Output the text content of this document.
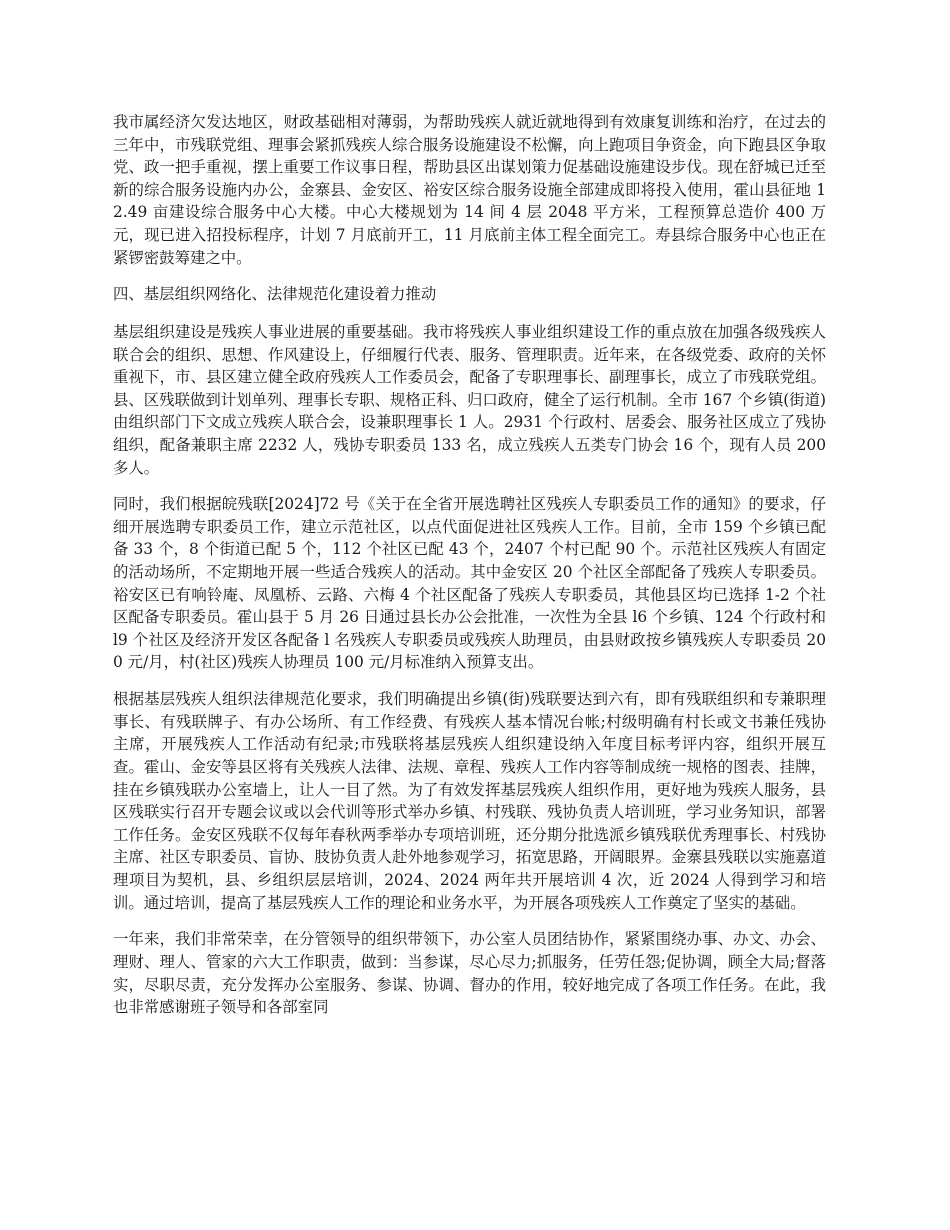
我市属经济欠发达地区，财政基础相对薄弱，为帮助残疾人就近就地得到有效康复训练和治疗，在过去的三年中，市残联党组、理事会紧抓残疾人综合服务设施建设不松懈，向上跑项目争资金，向下跑县区争取党、政一把手重视，摆上重要工作议事日程，帮助县区出谋划策力促基础设施建设步伐。现在舒城已迁至新的综合服务设施内办公，金寨县、金安区、裕安区综合服务设施全部建成即将投入使用，霍山县征地 12.49 亩建设综合服务中心大楼。中心大楼规划为 14 间 4 层 2048 平方米，工程预算总造价 400 万元，现已进入招投标程序，计划 7 月底前开工，11 月底前主体工程全面完工。寿县综合服务中心也正在紧锣密鼓筹建之中。

四、基层组织网络化、法律规范化建设着力推动

基层组织建设是残疾人事业进展的重要基础。我市将残疾人事业组织建设工作的重点放在加强各级残疾人联合会的组织、思想、作风建设上，仔细履行代表、服务、管理职责。近年来，在各级党委、政府的关怀重视下，市、县区建立健全政府残疾人工作委员会，配备了专职理事长、副理事长，成立了市残联党组。县、区残联做到计划单列、理事长专职、规格正科、归口政府，健全了运行机制。全市 167 个乡镇(街道)由组织部门下文成立残疾人联合会，设兼职理事长 1 人。2931 个行政村、居委会、服务社区成立了残协组织，配备兼职主席 2232 人，残协专职委员 133 名，成立残疾人五类专门协会 16 个，现有人员 200 多人。

同时，我们根据皖残联[2024]72 号《关于在全省开展选聘社区残疾人专职委员工作的通知》的要求，仔细开展选聘专职委员工作，建立示范社区，以点代面促进社区残疾人工作。目前，全市 159 个乡镇已配备 33 个，8 个街道已配 5 个，112 个社区已配 43 个，2407 个村已配 90 个。示范社区残疾人有固定的活动场所，不定期地开展一些适合残疾人的活动。其中金安区 20 个社区全部配备了残疾人专职委员。裕安区已有响铃庵、凤凰桥、云路、六梅 4 个社区配备了残疾人专职委员，其他县区均已选择 1-2 个社区配备专职委员。霍山县于 5 月 26 日通过县长办公会批准，一次性为全县 l6 个乡镇、124 个行政村和 l9 个社区及经济开发区各配备 l 名残疾人专职委员或残疾人助理员，由县财政按乡镇残疾人专职委员 200 元/月，村(社区)残疾人协理员 100 元/月标准纳入预算支出。

根据基层残疾人组织法律规范化要求，我们明确提出乡镇(街)残联要达到六有，即有残联组织和专兼职理事长、有残联牌子、有办公场所、有工作经费、有残疾人基本情况台帐;村级明确有村长或文书兼任残协主席，开展残疾人工作活动有纪录;市残联将基层残疾人组织建设纳入年度目标考评内容，组织开展互查。霍山、金安等县区将有关残疾人法律、法规、章程、残疾人工作内容等制成统一规格的图表、挂牌，挂在乡镇残联办公室墙上，让人一目了然。为了有效发挥基层残疾人组织作用，更好地为残疾人服务，县区残联实行召开专题会议或以会代训等形式举办乡镇、村残联、残协负责人培训班，学习业务知识，部署工作任务。金安区残联不仅每年春秋两季举办专项培训班，还分期分批选派乡镇残联优秀理事长、村残协主席、社区专职委员、盲协、肢协负责人赴外地参观学习，拓宽思路，开阔眼界。金寨县残联以实施嘉道理项目为契机，县、乡组织层层培训，2024、2024 两年共开展培训 4 次，近 2024 人得到学习和培训。通过培训，提高了基层残疾人工作的理论和业务水平，为开展各项残疾人工作奠定了坚实的基础。

一年来，我们非常荣幸，在分管领导的组织带领下，办公室人员团结协作，紧紧围绕办事、办文、办会、理财、理人、管家的六大工作职责，做到：当参谋，尽心尽力;抓服务，任劳任怨;促协调，顾全大局;督落实，尽职尽责，充分发挥办公室服务、参谋、协调、督办的作用，较好地完成了各项工作任务。在此，我也非常感谢班子领导和各部室同
